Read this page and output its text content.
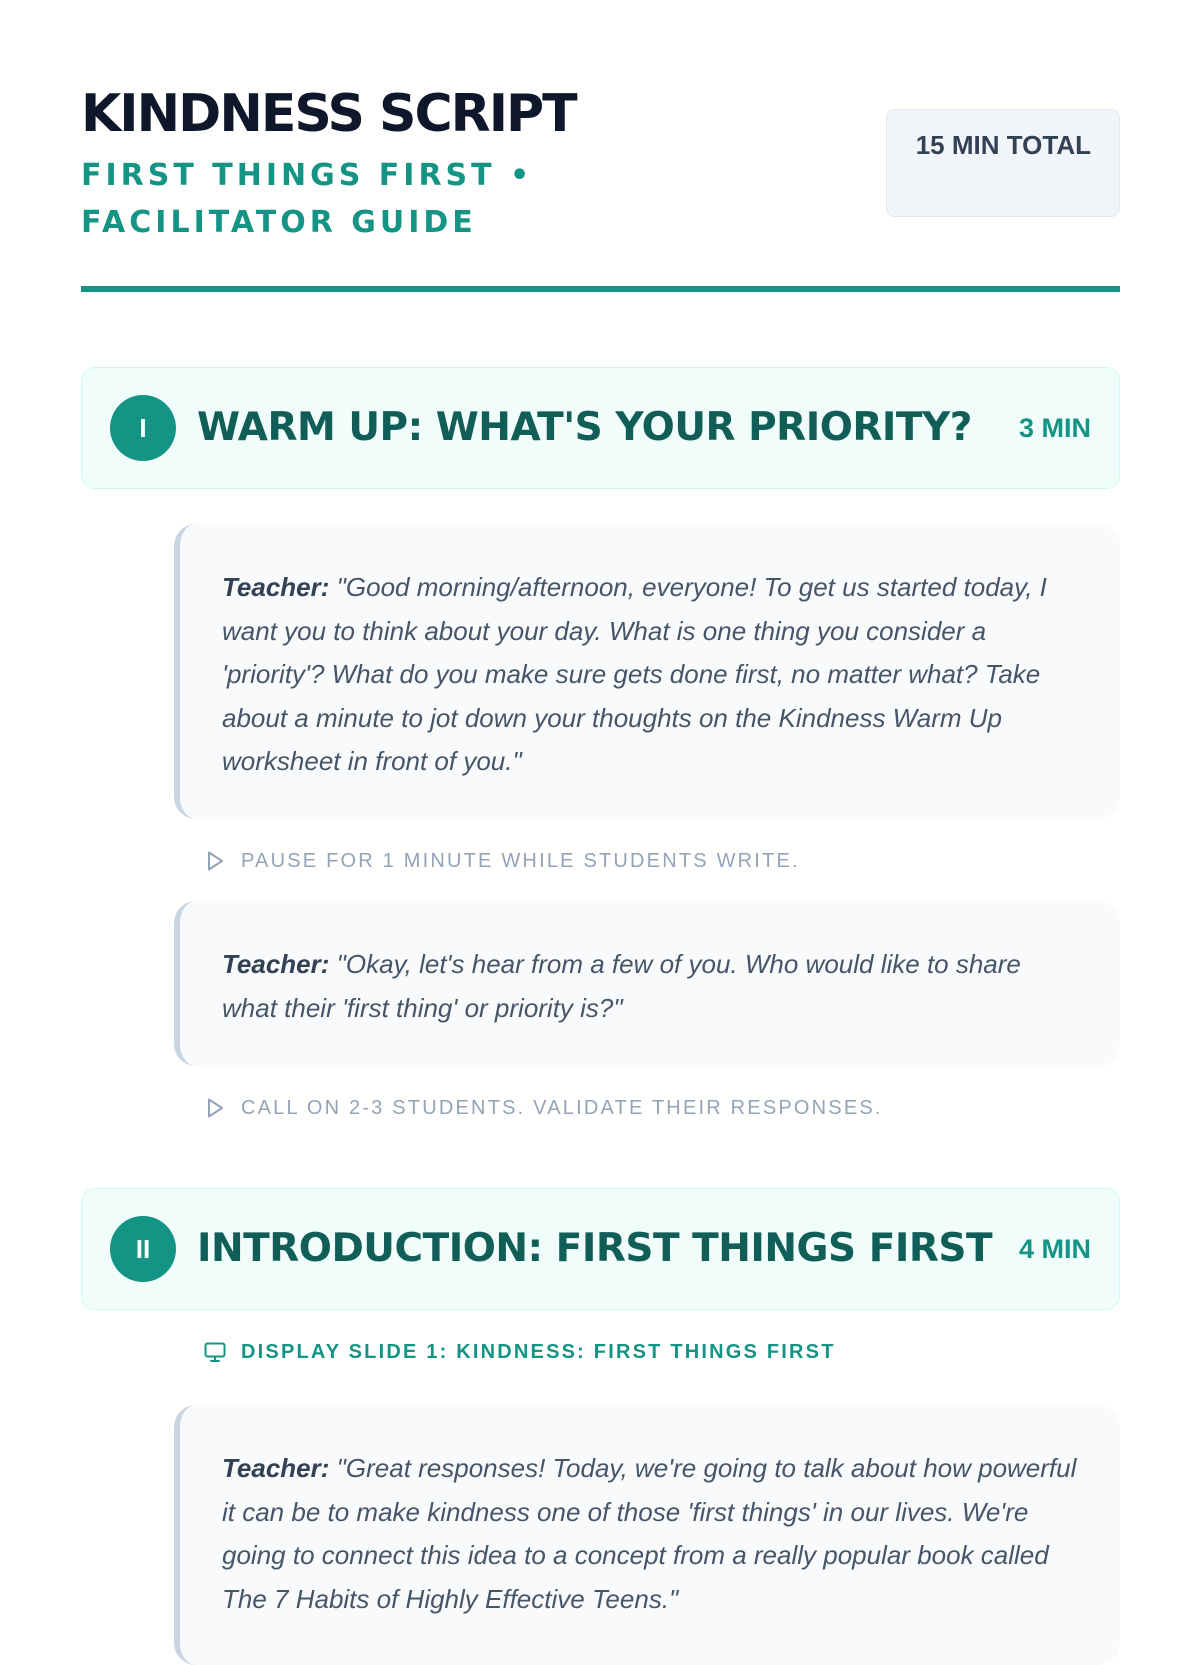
KINDNESS SCRIPT
FIRST THINGS FIRST • FACILITATOR GUIDE
15 MIN TOTAL
I	WARM UP: WHAT'S YOUR PRIORITY? 3 MIN
Teacher: "Good morning/afternoon, everyone! To get us started today, I want you to think about your day. What is one thing you consider a 'priority'? What do you make sure gets done first, no matter what? Take about a minute to jot down your thoughts on the Kindness Warm Up worksheet in front of you."
PAUSE FOR 1 MINUTE WHILE STUDENTS WRITE.
Teacher: "Okay, let's hear from a few of you. Who would like to share what their 'first thing' or priority is?"
CALL ON 2-3 STUDENTS. VALIDATE THEIR RESPONSES.
II	INTRODUCTION: FIRST THINGS FIRST 4 MIN
DISPLAY SLIDE 1: KINDNESS: FIRST THINGS FIRST
Teacher: "Great responses! Today, we're going to talk about how powerful it can be to make kindness one of those 'first things' in our lives. We're going to connect this idea to a concept from a really popular book called The 7 Habits of Highly Effective Teens."
